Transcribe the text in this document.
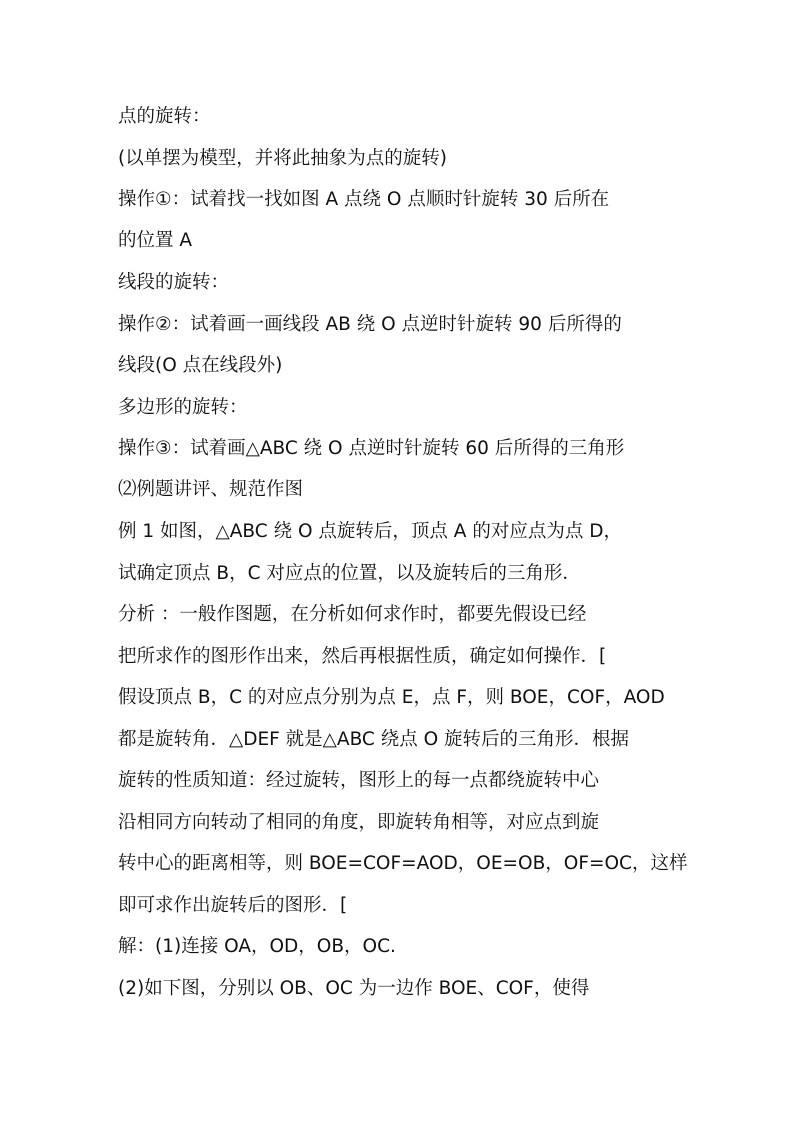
点的旋转：
(以单摆为模型，并将此抽象为点的旋转)
操作①：试着找一找如图 A 点绕 O 点顺时针旋转 30 后所在
的位置 A
线段的旋转：
操作②：试着画一画线段 AB 绕 O 点逆时针旋转 90 后所得的
线段(O 点在线段外)
多边形的旋转：
操作③：试着画△ABC 绕 O 点逆时针旋转 60 后所得的三角形
⑵例题讲评、规范作图
例 1 如图，△ABC 绕 O 点旋转后，顶点 A 的对应点为点 D，
试确定顶点 B，C 对应点的位置，以及旋转后的三角形．
分析 ：一般作图题，在分析如何求作时，都要先假设已经
把所求作的图形作出来，然后再根据性质，确定如何操作．[
假设顶点 B，C 的对应点分别为点 E，点 F，则 BOE，COF，AOD
都是旋转角．△DEF 就是△ABC 绕点 O 旋转后的三角形．根据
旋转的性质知道：经过旋转，图形上的每一点都绕旋转中心
沿相同方向转动了相同的角度，即旋转角相等，对应点到旋
转中心的距离相等，则 BOE=COF=AOD，OE=OB，OF=OC，这样
即可求作出旋转后的图形．[
解：(1)连接 OA，OD，OB，OC.
(2)如下图，分别以 OB、OC 为一边作 BOE、COF，使得
